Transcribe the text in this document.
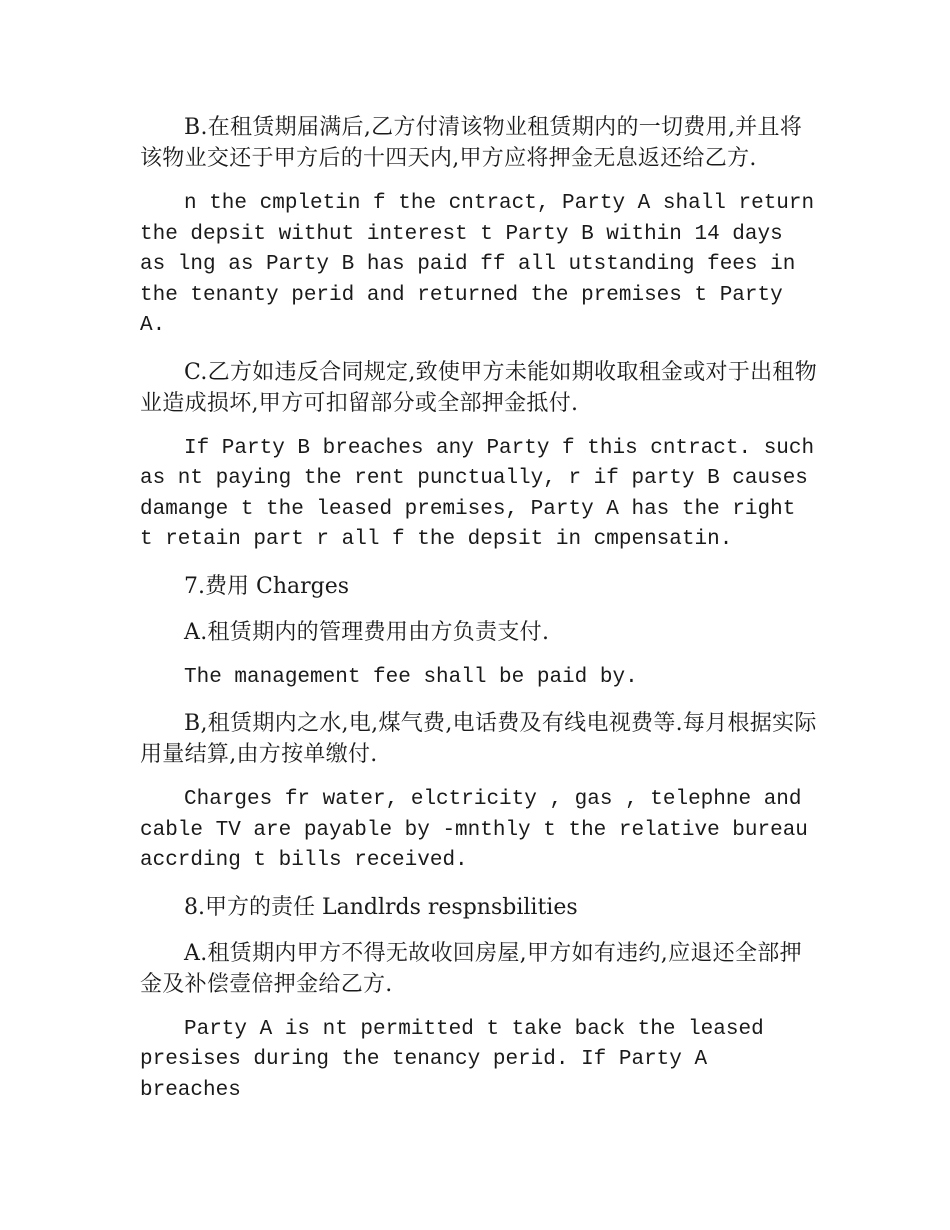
B.在租赁期届满后,乙方付清该物业租赁期内的一切费用,并且将该物业交还于甲方后的十四天内,甲方应将押金无息返还给乙方.

n the cmpletin f the cntract, Party A shall return the depsit withut interest t Party B within 14 days as lng as Party B has paid ff all utstanding fees in the tenanty perid and returned the premises t Party A.

C.乙方如违反合同规定,致使甲方未能如期收取租金或对于出租物业造成损坏,甲方可扣留部分或全部押金抵付.

If Party B breaches any Party f this cntract. such as nt paying the rent punctually, r if party B causes damange t the leased premises, Party A has the right t retain part r all f the depsit in cmpensatin.

7.费用 Charges

A.租赁期内的管理费用由方负责支付.

The management fee shall be paid by.

B,租赁期内之水,电,煤气费,电话费及有线电视费等.每月根据实际用量结算,由方按单缴付.

Charges fr water, elctricity , gas , telephne and cable TV are payable by -mnthly t the relative bureau accrding t bills received.

8.甲方的责任 Landlrds respnsbilities

A.租赁期内甲方不得无故收回房屋,甲方如有违约,应退还全部押金及补偿壹倍押金给乙方.

Party A is nt permitted t take back the leased presises during the tenancy perid. If Party A breaches
